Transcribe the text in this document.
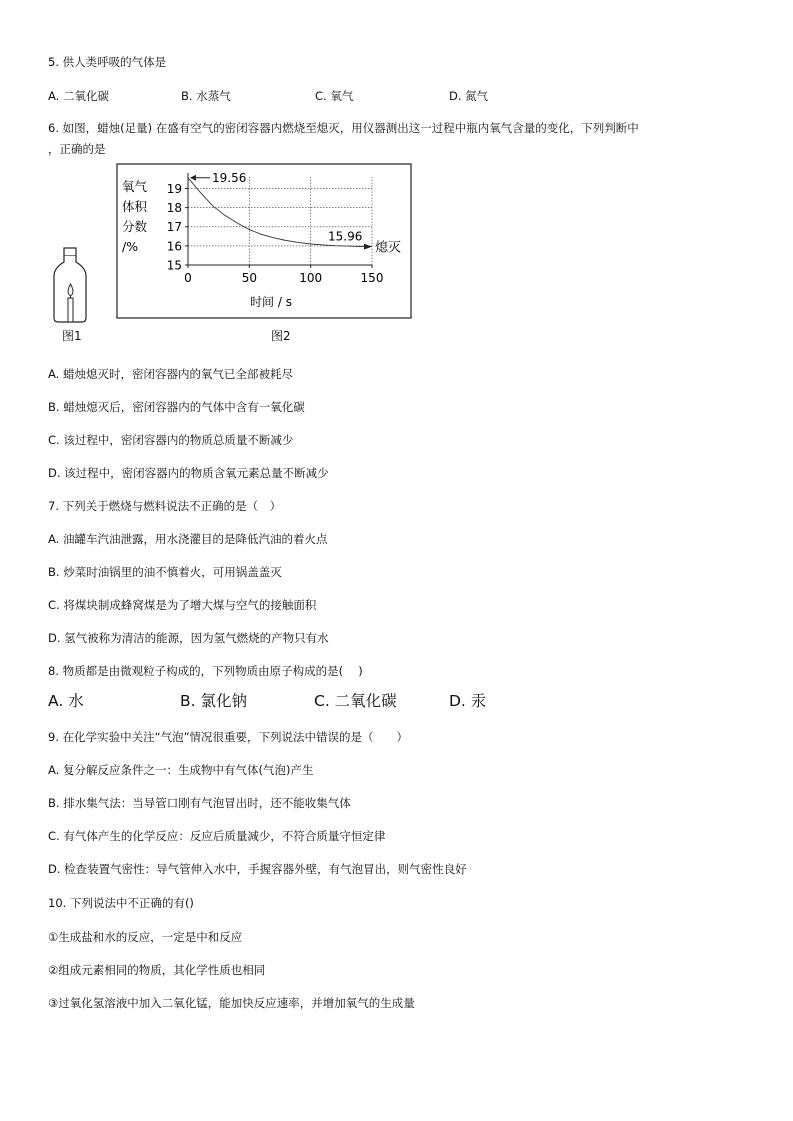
5. 供人类呼吸的气体是
A. 二氧化碳	B. 水蒸气	C. 氧气	D. 氮气
6. 如图，蜡烛(足量) 在盛有空气的密闭容器内燃烧至熄灭，用仪器测出这一过程中瓶内氧气含量的变化，下列判断中
，正确的是
图1
氧气
体积
分数
/%
15
16
17
18
19
0	50	100	150
19.56
15.96
熄灭
时间 / s
图2
A. 蜡烛熄灭时，密闭容器内的氧气已全部被耗尽
B. 蜡烛熄灭后，密闭容器内的气体中含有一氧化碳
C. 该过程中，密闭容器内的物质总质量不断减少
D. 该过程中，密闭容器内的物质含氧元素总量不断减少
7. 下列关于燃烧与燃料说法不正确的是（　）
A. 油罐车汽油泄露，用水浇灌目的是降低汽油的着火点
B. 炒菜时油锅里的油不慎着火，可用锅盖盖灭
C. 将煤块制成蜂窝煤是为了增大煤与空气的接触面积
D. 氢气被称为清洁的能源，因为氢气燃烧的产物只有水
8. 物质都是由微观粒子构成的，下列物质由原子构成的是(　 )
A. 水	B. 氯化钠	C. 二氧化碳	D. 汞
9. 在化学实验中关注“气泡”情况很重要，下列说法中错误的是（　　）
A. 复分解反应条件之一：生成物中有气体(气泡)产生
B. 排水集气法：当导管口刚有气泡冒出时，还不能收集气体
C. 有气体产生的化学反应：反应后质量减少，不符合质量守恒定律
D. 检查装置气密性：导气管伸入水中，手握容器外壁，有气泡冒出，则气密性良好
10. 下列说法中不正确的有()
①生成盐和水的反应，一定是中和反应
②组成元素相同的物质，其化学性质也相同
③过氧化氢溶液中加入二氧化锰，能加快反应速率，并增加氧气的生成量
